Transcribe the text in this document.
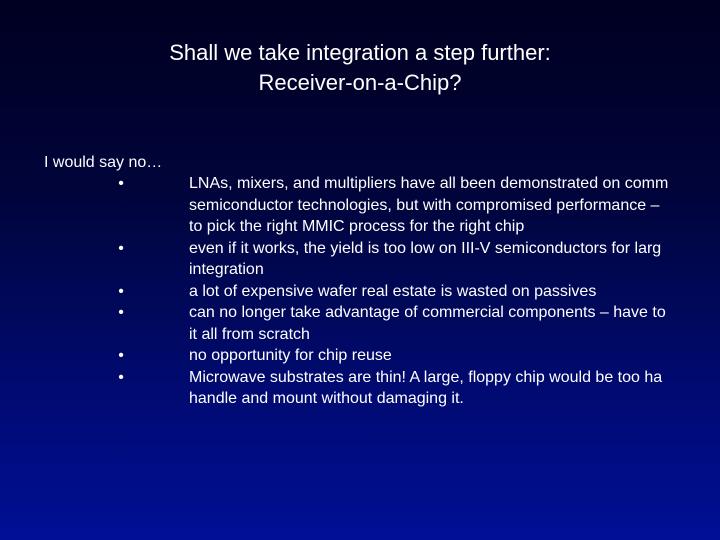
Shall we take integration a step further:
Receiver-on-a-Chip?
I would say no…
•	LNAs, mixers, and multipliers have all been demonstrated on comm
semiconductor technologies, but with compromised performance –
to pick the right MMIC process for the right chip
•	even if it works, the yield is too low on III-V semiconductors for larg
integration
•	a lot of expensive wafer real estate is wasted on passives
•	can no longer take advantage of commercial components – have to
it all from scratch
•	no opportunity for chip reuse
•	Microwave substrates are thin! A large, floppy chip would be too ha
handle and mount without damaging it.
